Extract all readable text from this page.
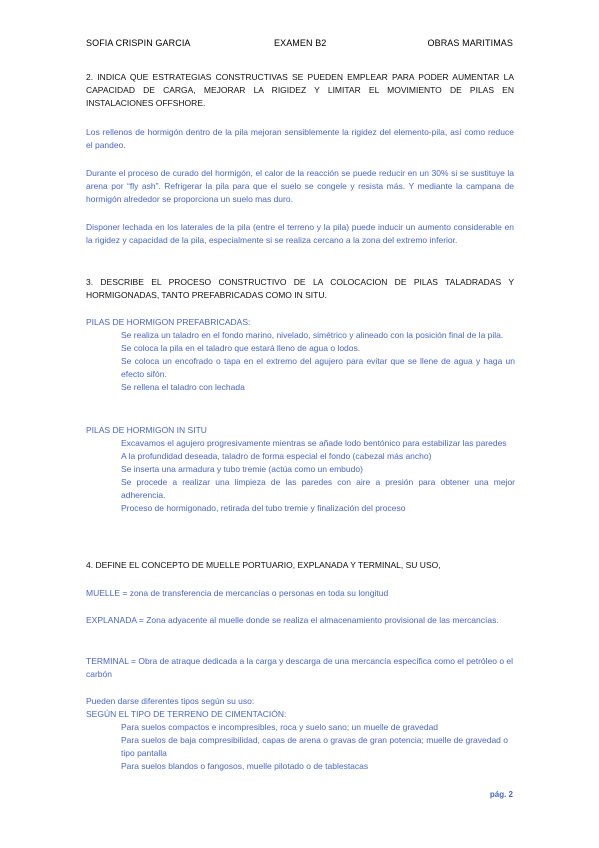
SOFIA CRISPIN GARCIA	EXAMEN B2	OBRAS MARITIMAS
2. INDICA QUE ESTRATEGIAS CONSTRUCTIVAS SE PUEDEN EMPLEAR PARA PODER AUMENTAR LA CAPACIDAD DE CARGA, MEJORAR LA RIGIDEZ Y LIMITAR EL MOVIMIENTO DE PILAS EN INSTALACIONES OFFSHORE.
Los rellenos de hormigón dentro de la pila mejoran sensiblemente la rigidez del elemento-pila, así como reduce el pandeo.
Durante el proceso de curado del hormigón, el calor de la reacción se puede reducir en un 30% si se sustituye la arena por “fly ash”. Refrigerar la pila para que el suelo se congele y resista más. Y mediante la campana de hormigón alrededor se proporciona un suelo mas duro.
Disponer lechada en los laterales de la pila (entre el terreno y la pila) puede inducir un aumento considerable en la rigidez y capacidad de la pila, especialmente si se realiza cercano a la zona del extremo inferior.
3. DESCRIBE EL PROCESO CONSTRUCTIVO DE LA COLOCACION DE PILAS TALADRADAS Y HORMIGONADAS, TANTO PREFABRICADAS COMO IN SITU.
PILAS DE HORMIGON PREFABRICADAS:
Se realiza un taladro en el fondo marino, nivelado, simétrico y alineado con la posición final de la pila.
Se coloca la pila en el taladro que estará lleno de agua o lodos.
Se coloca un encofrado o tapa en el extremo del agujero para evitar que se llene de agua y haga un efecto sifón.
Se rellena el taladro con lechada
PILAS DE HORMIGON IN SITU
Excavamos el agujero progresivamente mientras se añade lodo bentónico para estabilizar las paredes
A la profundidad deseada, taladro de forma especial el fondo (cabezal más ancho)
Se inserta una armadura y tubo tremie (actúa como un embudo)
Se procede a realizar una limpieza de las paredes con aire a presión para obtener una mejor adherencia.
Proceso de hormigonado, retirada del tubo tremie y finalización del proceso
4. DEFINE EL CONCEPTO DE MUELLE PORTUARIO, EXPLANADA Y TERMINAL, SU USO,
MUELLE = zona de transferencia de mercancías o personas en toda su longitud
EXPLANADA = Zona adyacente al muelle donde se realiza el almacenamiento provisional de las mercancías.
TERMINAL = Obra de atraque dedicada a la carga y descarga de una mercancía específica como el petróleo o el carbón
Pueden darse diferentes tipos según su uso:
SEGÚN EL TIPO DE TERRENO DE CIMENTACIÓN:
Para suelos compactos e incompresibles, roca y suelo sano; un muelle de gravedad
Para suelos de baja compresibilidad, capas de arena o gravas de gran potencia; muelle de gravedad o tipo pantalla
Para suelos blandos o fangosos, muelle pilotado o de tablestacas
pág. 2
